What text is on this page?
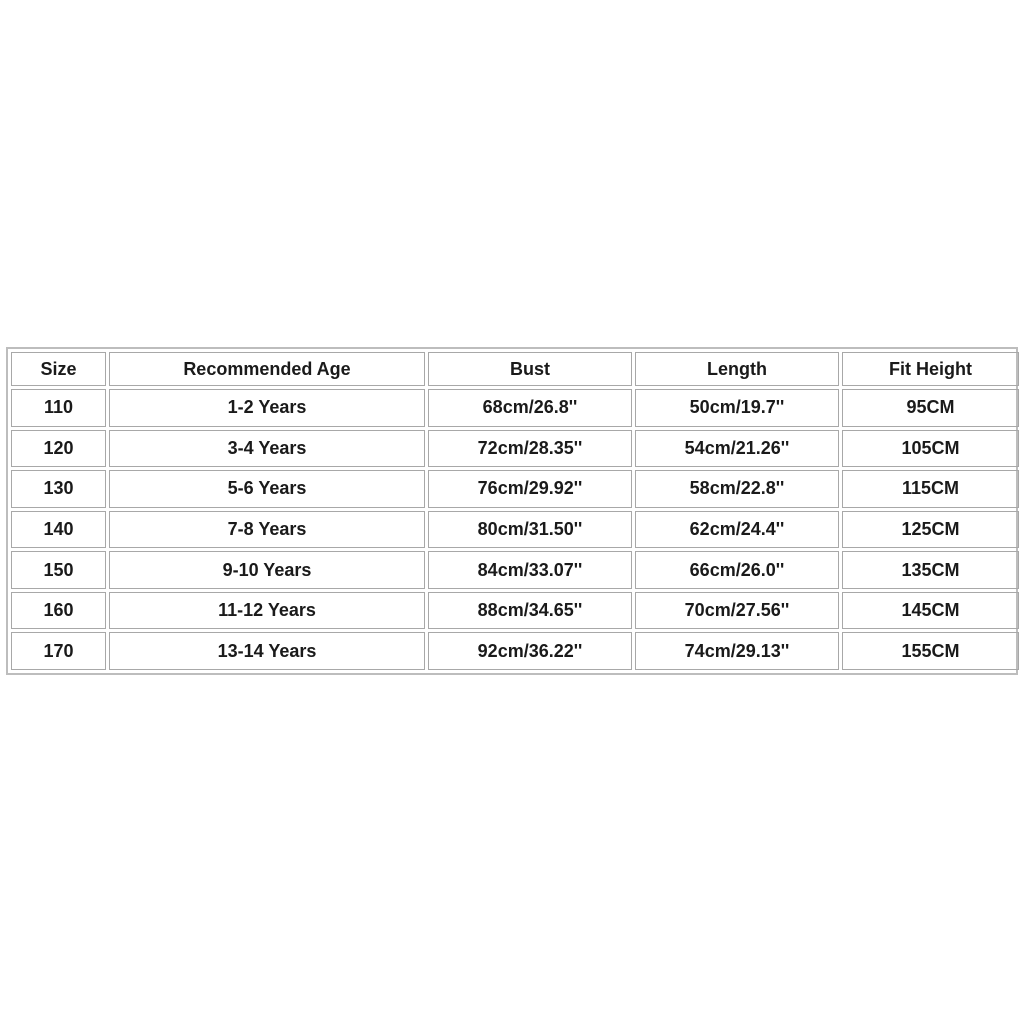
Size	Recommended Age	Bust	Length	Fit Height
110	1-2 Years	68cm/26.8''	50cm/19.7''	95CM
120	3-4 Years	72cm/28.35''	54cm/21.26''	105CM
130	5-6 Years	76cm/29.92''	58cm/22.8''	115CM
140	7-8 Years	80cm/31.50''	62cm/24.4''	125CM
150	9-10 Years	84cm/33.07''	66cm/26.0''	135CM
160	11-12 Years	88cm/34.65''	70cm/27.56''	145CM
170	13-14 Years	92cm/36.22''	74cm/29.13''	155CM
